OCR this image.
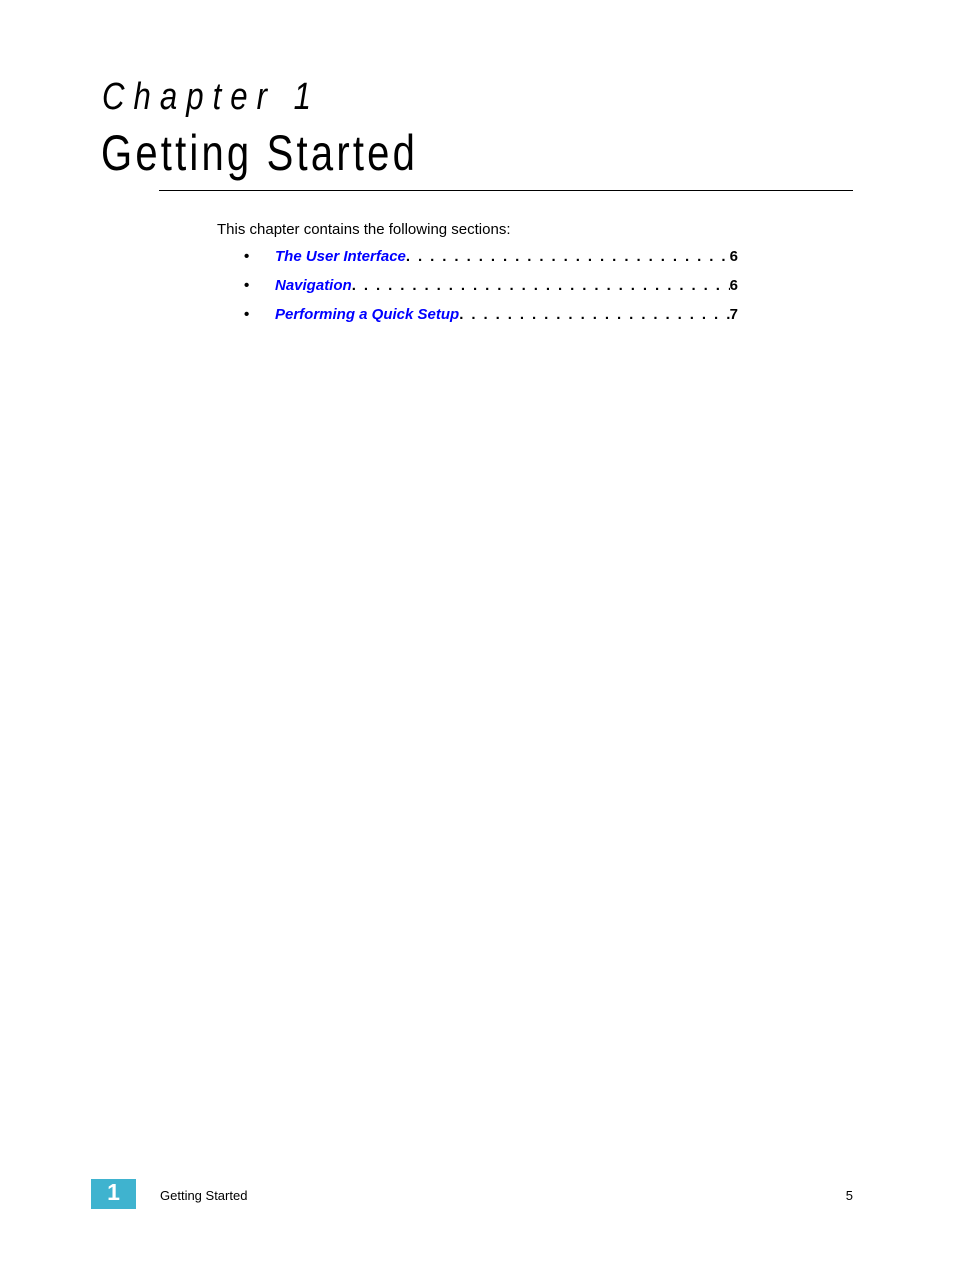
Chapter 1
Getting Started
This chapter contains the following sections:
•	The User Interface . . .	6
•	Navigation . . .	6
•	Performing a Quick Setup . . .	7
1	Getting Started	5
